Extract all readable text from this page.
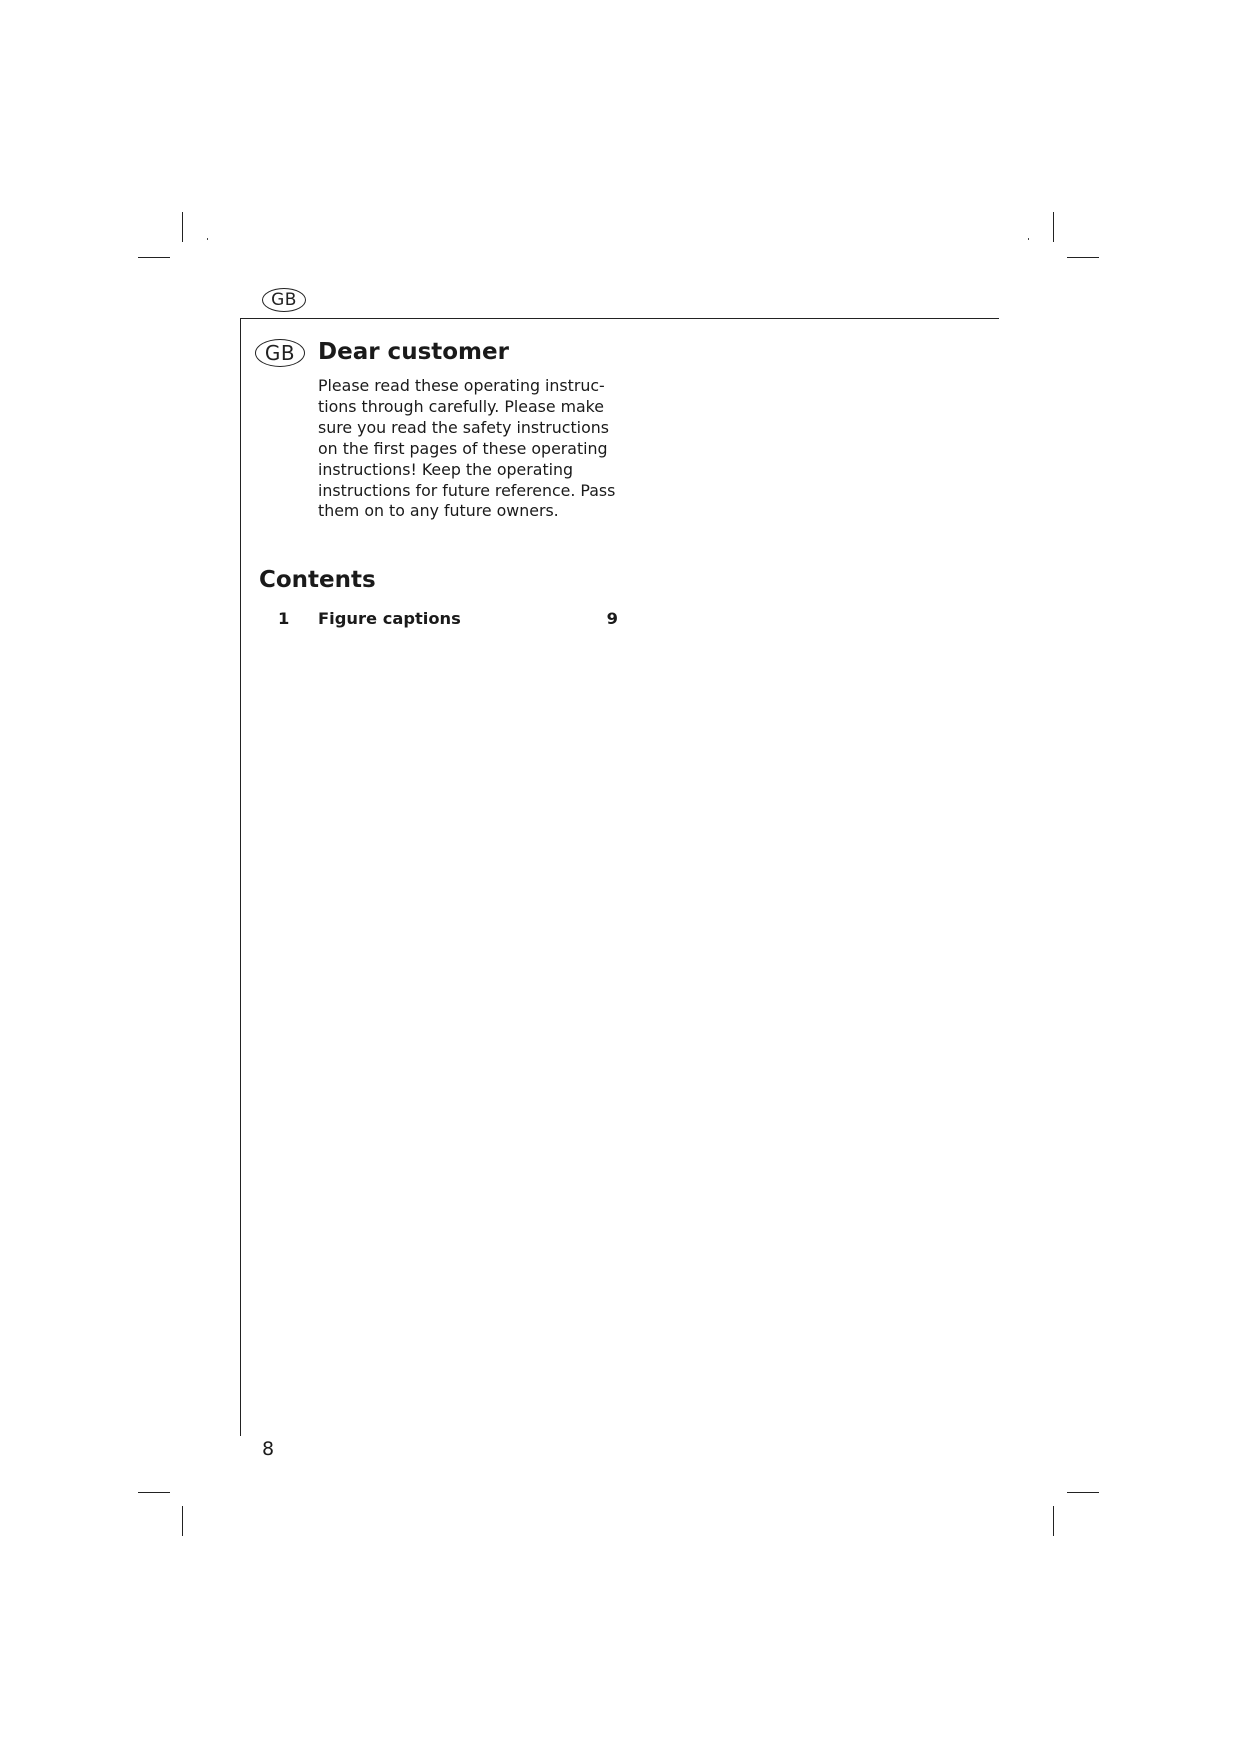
GB
GB Dear customer

Please read these operating instruc-
tions through carefully. Please make
sure you read the safety instructions
on the first pages of these operating
instructions! Keep the operating
instructions for future reference. Pass
them on to any future owners.

Contents
1	Figure captions	9

8
